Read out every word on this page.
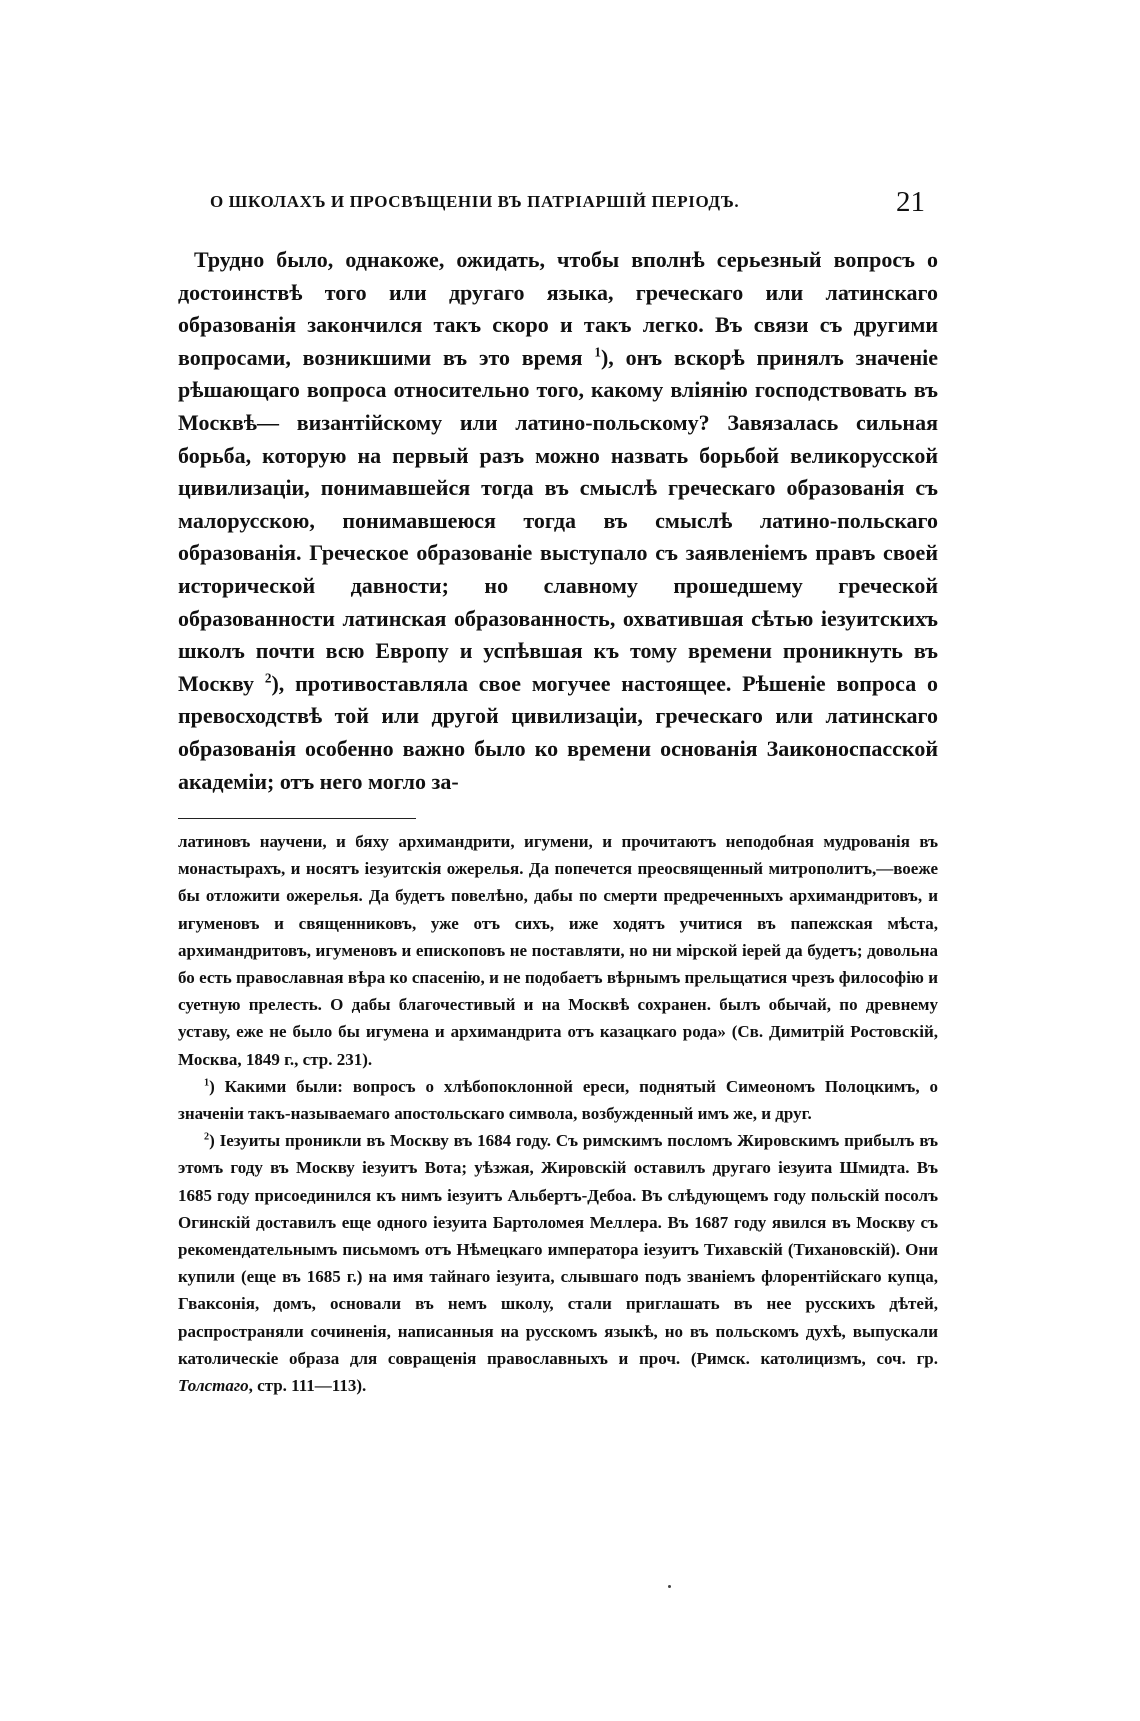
О ШКОЛАХЪ И ПРОСВѢЩЕНІИ ВЪ ПАТРІАРШІЙ ПЕРІОДЪ.	21
Трудно было, однакоже, ожидать, чтобы вполнѣ серьезный вопросъ о достоинствѣ того или другаго языка, греческаго или латинскаго образованія закончился такъ скоро и такъ легко. Въ связи съ другими вопросами, возникшими въ это время $^1$), онъ вскорѣ принялъ значеніе рѣшающаго вопроса относительно того, какому вліянію господствовать въ Москвѣ— византійскому или латино-польскому? Завязалась сильная борьба, которую на первый разъ можно назвать борьбой великорусской цивилизаціи, понимавшейся тогда въ смыслѣ греческаго образованія съ малорусскою, понимавшеюся тогда въ смыслѣ латино-польскаго образованія. Греческое образованіе выступало съ заявленіемъ правъ своей исторической давности; но славному прошедшему греческой образованности латинская образованность, охватившая сѣтью іезуитскихъ школъ почти всю Европу и успѣвшая къ тому времени проникнуть въ Москву $^2$), противоставляла свое могучее настоящее. Рѣшеніе вопроса о превосходствѣ той или другой цивилизаціи, греческаго или латинскаго образованія особенно важно было ко времени основанія Заиконоспасской академіи; отъ него могло за-

латиновъ научени, и бяху архимандрити, игумени, и прочитаютъ неподобная мудрованія въ монастырахъ, и носятъ іезуитскія ожерелья. Да попечется преосвященный митрополитъ,—воеже бы отложити ожерелья. Да будетъ повелѣно, дабы по смерти предреченныхъ архимандритовъ, и игуменовъ и священниковъ, уже отъ сихъ, иже ходятъ учитися въ папежская мѣста, архимандритовъ, игуменовъ и епископовъ не поставляти, но ни мірской іерей да будетъ; довольна бо есть православная вѣра ко спасенію, и не подобаетъ вѣрнымъ прельщатися чрезъ философію и суетную прелесть. О дабы благочестивый и на Москвѣ сохранен. былъ обычай, по древнему уставу, еже не было бы игумена и архимандрита отъ казацкаго рода» (Св. Димитрій Ростовскій, Москва, 1849 г., стр. 231).

$^1$) Какими были: вопросъ о хлѣбопоклонной ереси, поднятый Симеономъ Полоцкимъ, о значеніи такъ-называемаго апостольскаго символа, возбужденный имъ же, и друг.

$^2$) Іезуиты проникли въ Москву въ 1684 году. Съ римскимъ посломъ Жировскимъ прибылъ въ этомъ году въ Москву іезуитъ Вота; уѣзжая, Жировскій оставилъ другаго іезуита Шмидта. Въ 1685 году присоединился къ нимъ іезуитъ Альбертъ-Дебоа. Въ слѣдующемъ году польскій посолъ Огинскій доставилъ еще одного іезуита Бартоломея Меллера. Въ 1687 году явился въ Москву съ рекомендательнымъ письмомъ отъ Нѣмецкаго императора іезуитъ Тихавскій (Тихановскій). Они купили (еще въ 1685 г.) на имя тайнаго іезуита, слывшаго подъ званіемъ флорентійскаго купца, Гваксонія, домъ, основали въ немъ школу, стали приглашать въ нее русскихъ дѣтей, распространяли сочиненія, написанныя на русскомъ языкѣ, но въ польскомъ духѣ, выпускали католическіе образа для совращенія православныхъ и проч. (Римск. католицизмъ, соч. гр. Толстаго, стр. 111—113).
